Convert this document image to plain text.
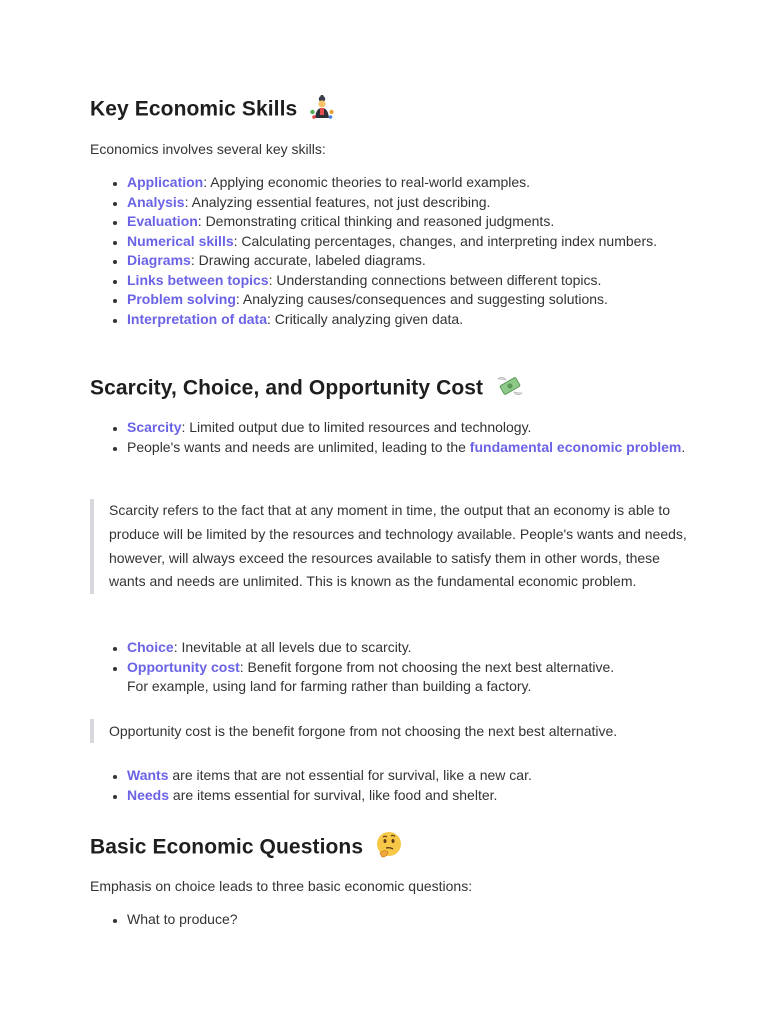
Key Economic Skills

Economics involves several key skills:

• Application: Applying economic theories to real-world examples.
• Analysis: Analyzing essential features, not just describing.
• Evaluation: Demonstrating critical thinking and reasoned judgments.
• Numerical skills: Calculating percentages, changes, and interpreting index numbers.
• Diagrams: Drawing accurate, labeled diagrams.
• Links between topics: Understanding connections between different topics.
• Problem solving: Analyzing causes/consequences and suggesting solutions.
• Interpretation of data: Critically analyzing given data.
Scarcity, Choice, and Opportunity Cost
• Scarcity: Limited output due to limited resources and technology.
• People's wants and needs are unlimited, leading to the fundamental economic problem.
Scarcity refers to the fact that at any moment in time, the output that an economy is able to produce will be limited by the resources and technology available. People's wants and needs, however, will always exceed the resources available to satisfy them in other words, these wants and needs are unlimited. This is known as the fundamental economic problem.
• Choice: Inevitable at all levels due to scarcity.
• Opportunity cost: Benefit forgone from not choosing the next best alternative.
For example, using land for farming rather than building a factory.
Opportunity cost is the benefit forgone from not choosing the next best alternative.
• Wants are items that are not essential for survival, like a new car.
• Needs are items essential for survival, like food and shelter.
Basic Economic Questions

Emphasis on choice leads to three basic economic questions:

• What to produce?
